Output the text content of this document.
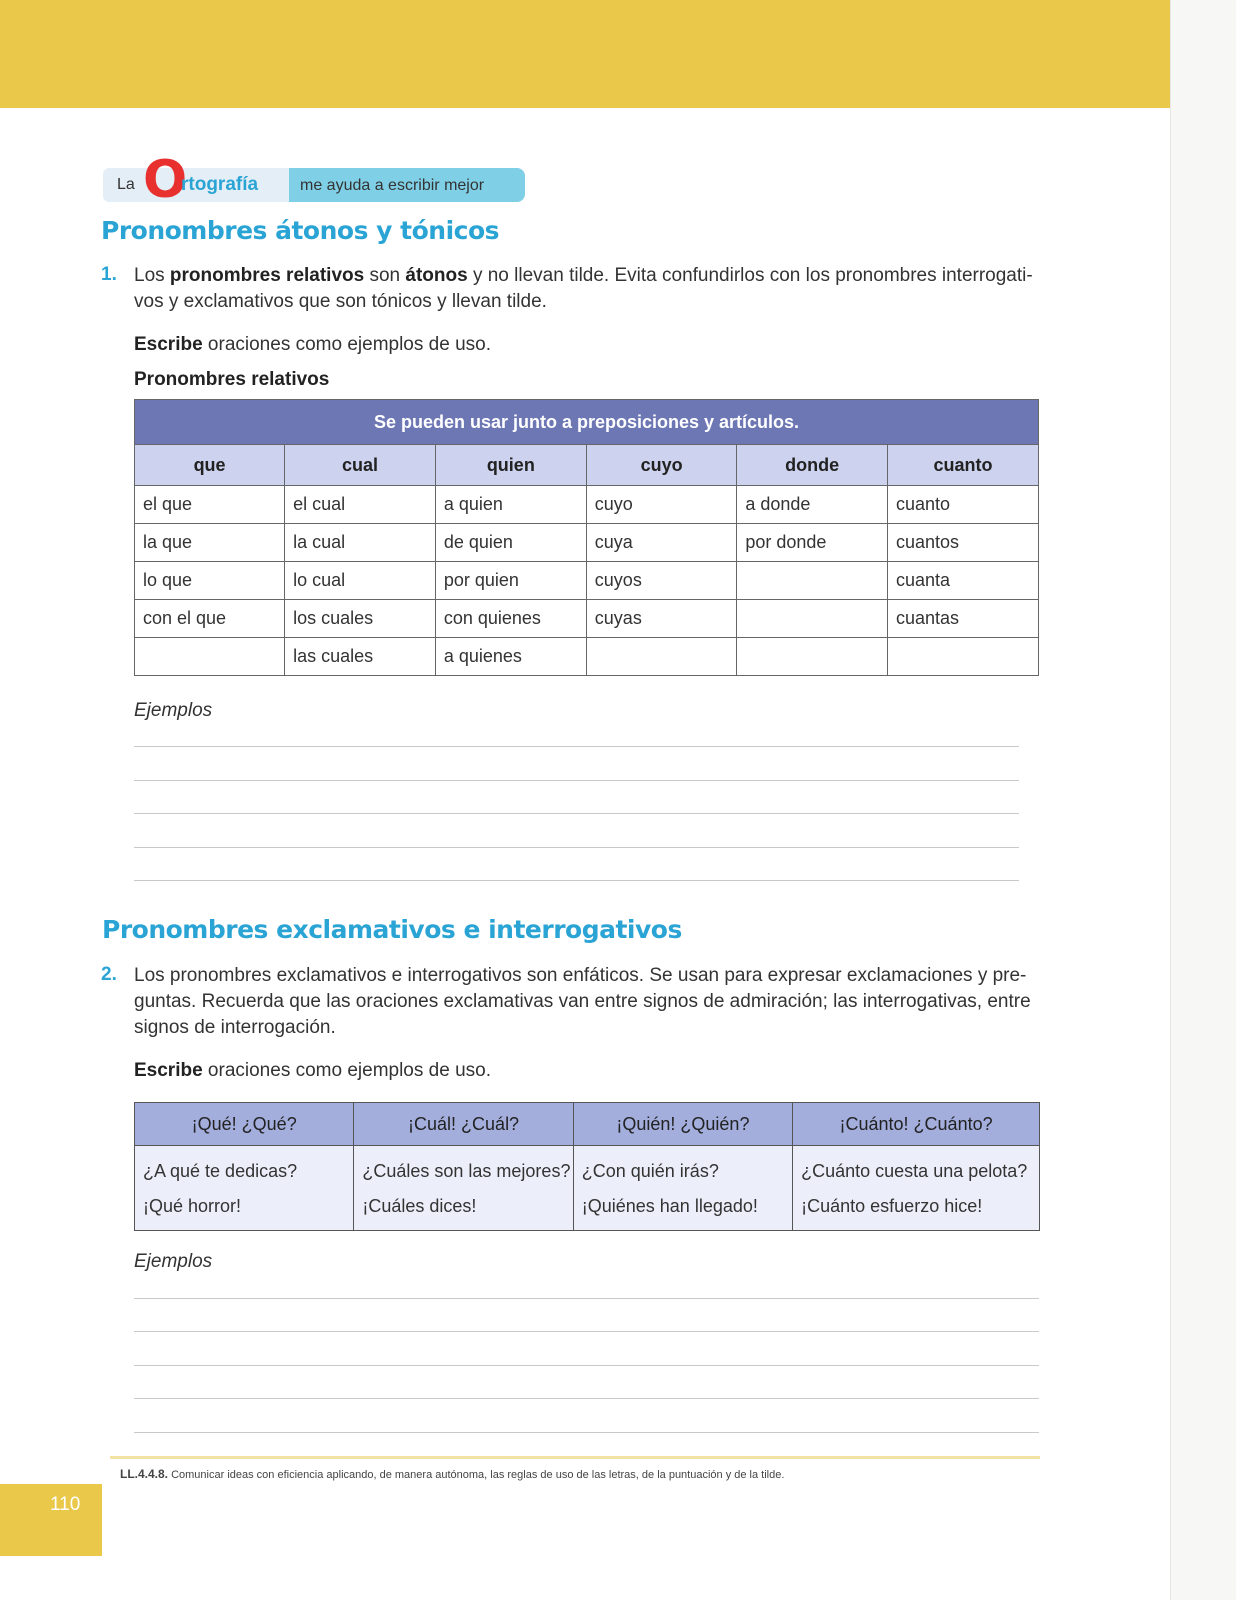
La O
rtografía	me ayuda a escribir mejor
Pronombres átonos y tónicos
1. Los pronombres relativos son átonos y no llevan tilde. Evita confundirlos con los pronombres interrogati-
vos y exclamativos que son tónicos y llevan tilde.
Escribe oraciones como ejemplos de uso.
Pronombres relativos
Se pueden usar junto a preposiciones y artículos.					
que	cual	quien	cuyo	donde	cuanto
el que	el cual	a quien	cuyo	a donde	cuanto
la que	la cual	de quien	cuya	por donde	cuantos
lo que	lo cual	por quien	cuyos		cuanta
con el que	los cuales	con quienes	cuyas		cuantas
	las cuales	a quienes			
Ejemplos
Pronombres exclamativos e interrogativos
2. Los pronombres exclamativos e interrogativos son enfáticos. Se usan para expresar exclamaciones y pre-
guntas. Recuerda que las oraciones exclamativas van entre signos de admiración; las interrogativas, entre
signos de interrogación.
Escribe oraciones como ejemplos de uso.
¡Qué! ¿Qué?	¡Cuál! ¿Cuál?	¡Quién! ¿Quién?	¡Cuánto! ¿Cuánto?
¿A qué te dedicas?	¿Cuáles son las mejores?	¿Con quién irás?	¿Cuánto cuesta una pelota?
¡Qué horror!	¡Cuáles dices!	¡Quiénes han llegado!	¡Cuánto esfuerzo hice!
Ejemplos
LL.4.4.8. Comunicar ideas con eficiencia aplicando, de manera autónoma, las reglas de uso de las letras, de la puntuación y de la tilde.
110
